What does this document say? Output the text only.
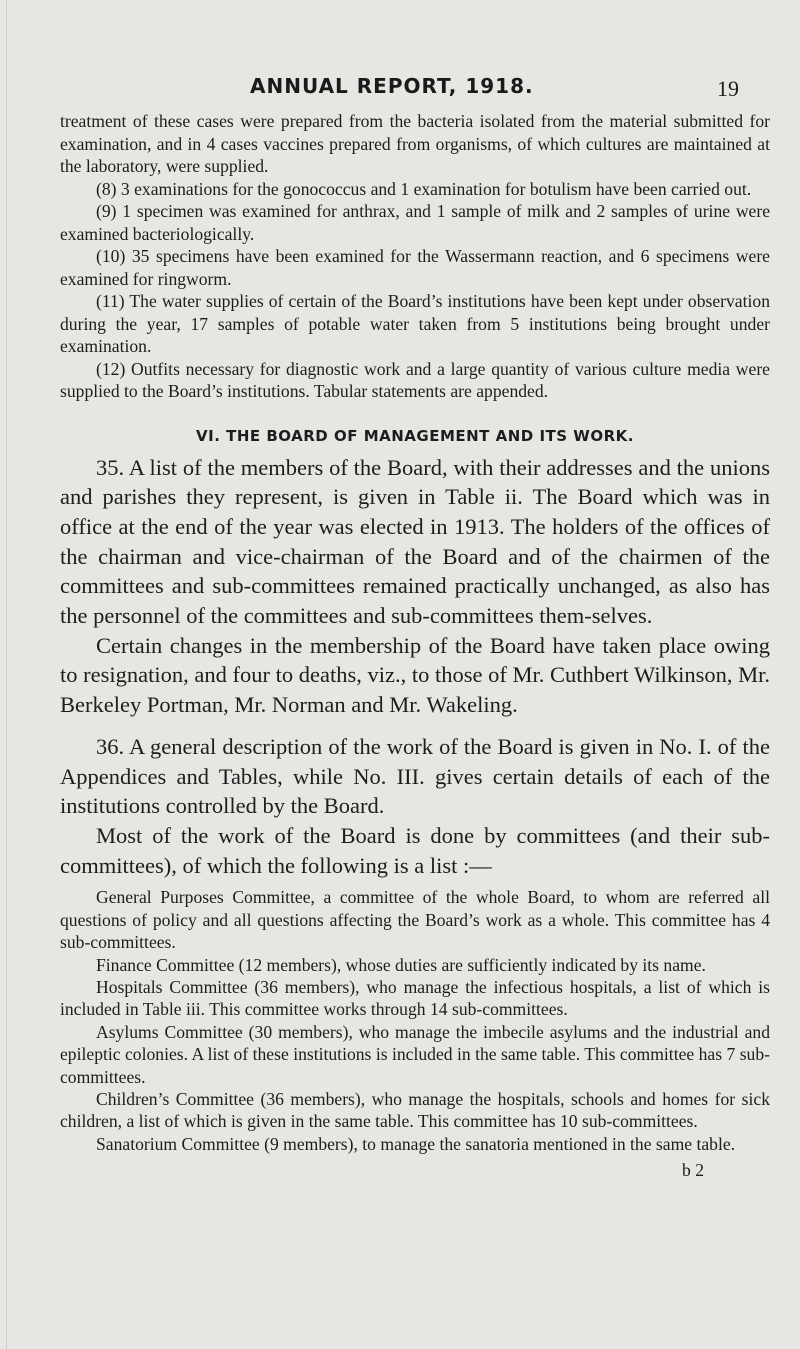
ANNUAL REPORT, 1918.	19

treatment of these cases were prepared from the bacteria isolated from the material submitted for examination, and in 4 cases vaccines prepared from organisms, of which cultures are maintained at the laboratory, were supplied.

(8) 3 examinations for the gonococcus and 1 examination for botulism have been carried out.

(9) 1 specimen was examined for anthrax, and 1 sample of milk and 2 samples of urine were examined bacteriologically.

(10) 35 specimens have been examined for the Wassermann reaction, and 6 specimens were examined for ringworm.

(11) The water supplies of certain of the Board’s institutions have been kept under observation during the year, 17 samples of potable water taken from 5 institutions being brought under examination.

(12) Outfits necessary for diagnostic work and a large quantity of various culture media were supplied to the Board’s institutions. Tabular statements are appended.

VI. THE BOARD OF MANAGEMENT AND ITS WORK.

35. A list of the members of the Board, with their addresses and the unions and parishes they represent, is given in Table ii. The Board which was in office at the end of the year was elected in 1913. The holders of the offices of the chairman and vice-chairman of the Board and of the chairmen of the committees and sub-committees remained practically unchanged, as also has the personnel of the committees and sub-committees them-selves.

Certain changes in the membership of the Board have taken place owing to resignation, and four to deaths, viz., to those of Mr. Cuthbert Wilkinson, Mr. Berkeley Portman, Mr. Norman and Mr. Wakeling.

36. A general description of the work of the Board is given in No. I. of the Appendices and Tables, while No. III. gives certain details of each of the institutions controlled by the Board.

Most of the work of the Board is done by committees (and their sub-committees), of which the following is a list :—

General Purposes Committee, a committee of the whole Board, to whom are referred all questions of policy and all questions affecting the Board’s work as a whole. This committee has 4 sub-committees.

Finance Committee (12 members), whose duties are sufficiently indicated by its name.

Hospitals Committee (36 members), who manage the infectious hospitals, a list of which is included in Table iii. This committee works through 14 sub-committees.

Asylums Committee (30 members), who manage the imbecile asylums and the industrial and epileptic colonies. A list of these institutions is included in the same table. This committee has 7 sub-committees.

Children’s Committee (36 members), who manage the hospitals, schools and homes for sick children, a list of which is given in the same table. This committee has 10 sub-committees.

Sanatorium Committee (9 members), to manage the sanatoria mentioned in the same table.

b 2
